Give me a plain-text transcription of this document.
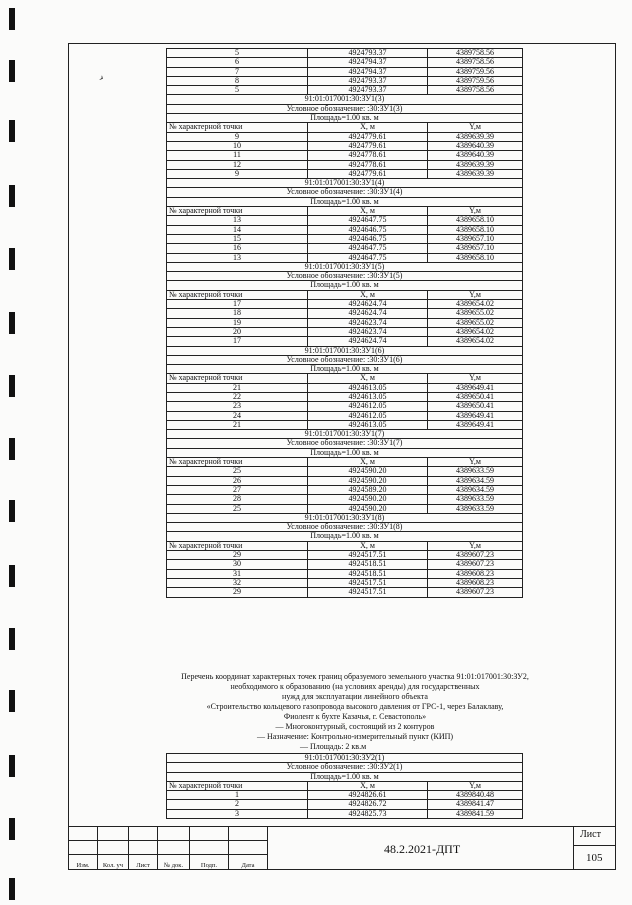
›
5	4924793.37	4389758.56
6	4924794.37	4389758.56
7	4924794.37	4389759.56
8	4924793.37	4389759.56
5	4924793.37	4389758.56
91:01:017001:30:ЗУ1(3)		
Условное обозначение: :30:ЗУ1(3)		
Площадь=1.00 кв. м		
№ характерной точки	X, м	Y,м
9	4924779.61	4389639.39
10	4924779.61	4389640.39
11	4924778.61	4389640.39
12	4924778.61	4389639.39
9	4924779.61	4389639.39
91:01:017001:30:ЗУ1(4)		
Условное обозначение: :30:ЗУ1(4)		
Площадь=1.00 кв. м		
№ характерной точки	X, м	Y,м
13	4924647.75	4389658.10
14	4924646.75	4389658.10
15	4924646.75	4389657.10
16	4924647.75	4389657.10
13	4924647.75	4389658.10
91:01:017001:30:ЗУ1(5)		
Условное обозначение: :30:ЗУ1(5)		
Площадь=1.00 кв. м		
№ характерной точки	X, м	Y,м
17	4924624.74	4389654.02
18	4924624.74	4389655.02
19	4924623.74	4389655.02
20	4924623.74	4389654.02
17	4924624.74	4389654.02
91:01:017001:30:ЗУ1(6)		
Условное обозначение: :30:ЗУ1(6)		
Площадь=1.00 кв. м		
№ характерной точки	X, м	Y,м
21	4924613.05	4389649.41
22	4924613.05	4389650.41
23	4924612.05	4389650.41
24	4924612.05	4389649.41
21	4924613.05	4389649.41
91:01:017001:30:ЗУ1(7)		
Условное обозначение: :30:ЗУ1(7)		
Площадь=1.00 кв. м		
№ характерной точки	X, м	Y,м
25	4924590.20	4389633.59
26	4924590.20	4389634.59
27	4924589.20	4389634.59
28	4924590.20	4389633.59
25	4924590.20	4389633.59
91:01:017001:30:ЗУ1(8)		
Условное обозначение: :30:ЗУ1(8)		
Площадь=1.00 кв. м		
№ характерной точки	X, м	Y,м
29	4924517.51	4389607.23
30	4924518.51	4389607.23
31	4924518.51	4389608.23
32	4924517.51	4389608.23
29	4924517.51	4389607.23
Перечень координат характерных точек границ образуемого земельного участка 91:01:017001:30:ЗУ2,
необходимого к образованию (на условиях аренды) для государственных
нужд для эксплуатации линейного объекта
«Строительство кольцевого газопровода высокого давления от ГРС-1, через Балаклаву,
Фиолент к бухте Казачья, г. Севастополь»
— Многоконтурный, состоящий из 2 контуров
— Назначение: Контрольно-измерительный пункт (КИП)
— Площадь: 2 кв.м
91:01:017001:30:ЗУ2(1)		
Условное обозначение: :30:ЗУ2(1)		
Площадь=1.00 кв. м		
№ характерной точки	X, м	Y,м
1	4924826.61	4389840.48
2	4924826.72	4389841.47
3	4924825.73	4389841.59
Изм.	Кол. уч	Лист	№ док.	Подп.	Дата
48.2.2021-ДПТ
Лист
105
